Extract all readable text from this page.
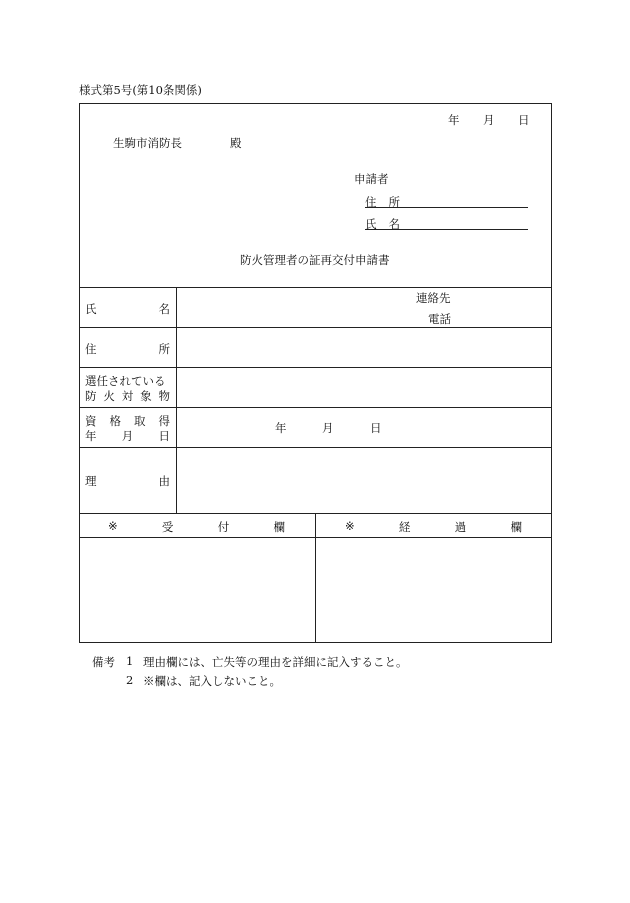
様式第5号(第10条関係)
年 月 日
生駒市消防長	殿
申請者
住 所
氏 名
防火管理者の証再交付申請書
氏	名
連絡先
電話
住	所
選任されている
防 火 対 象 物
資 格 取 得
年 月 日
年	月	日
理	由
※	受	付	欄	※	経	過	欄
備考 1 理由欄には、亡失等の理由を詳細に記入すること。
2 ※欄は、記入しないこと。
